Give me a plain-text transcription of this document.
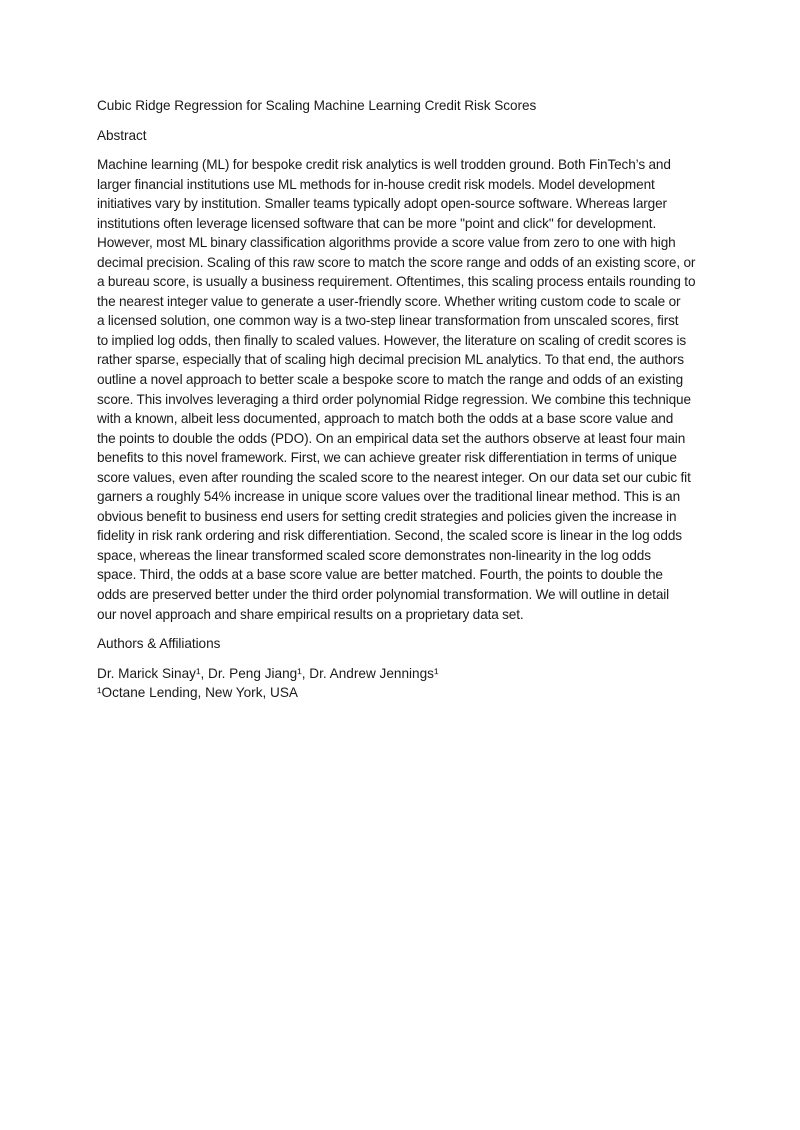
Cubic Ridge Regression for Scaling Machine Learning Credit Risk Scores

Abstract

Machine learning (ML) for bespoke credit risk analytics is well trodden ground. Both FinTech’s and
larger financial institutions use ML methods for in-house credit risk models. Model development
initiatives vary by institution. Smaller teams typically adopt open-source software. Whereas larger
institutions often leverage licensed software that can be more "point and click" for development.
However, most ML binary classification algorithms provide a score value from zero to one with high
decimal precision. Scaling of this raw score to match the score range and odds of an existing score, or
a bureau score, is usually a business requirement. Oftentimes, this scaling process entails rounding to
the nearest integer value to generate a user-friendly score. Whether writing custom code to scale or
a licensed solution, one common way is a two-step linear transformation from unscaled scores, first
to implied log odds, then finally to scaled values. However, the literature on scaling of credit scores is
rather sparse, especially that of scaling high decimal precision ML analytics. To that end, the authors
outline a novel approach to better scale a bespoke score to match the range and odds of an existing
score. This involves leveraging a third order polynomial Ridge regression. We combine this technique
with a known, albeit less documented, approach to match both the odds at a base score value and
the points to double the odds (PDO). On an empirical data set the authors observe at least four main
benefits to this novel framework. First, we can achieve greater risk differentiation in terms of unique
score values, even after rounding the scaled score to the nearest integer. On our data set our cubic fit
garners a roughly 54% increase in unique score values over the traditional linear method. This is an
obvious benefit to business end users for setting credit strategies and policies given the increase in
fidelity in risk rank ordering and risk differentiation. Second, the scaled score is linear in the log odds
space, whereas the linear transformed scaled score demonstrates non-linearity in the log odds
space. Third, the odds at a base score value are better matched. Fourth, the points to double the
odds are preserved better under the third order polynomial transformation. We will outline in detail
our novel approach and share empirical results on a proprietary data set.

Authors & Affiliations

Dr. Marick Sinay¹, Dr. Peng Jiang¹, Dr. Andrew Jennings¹
¹Octane Lending, New York, USA
